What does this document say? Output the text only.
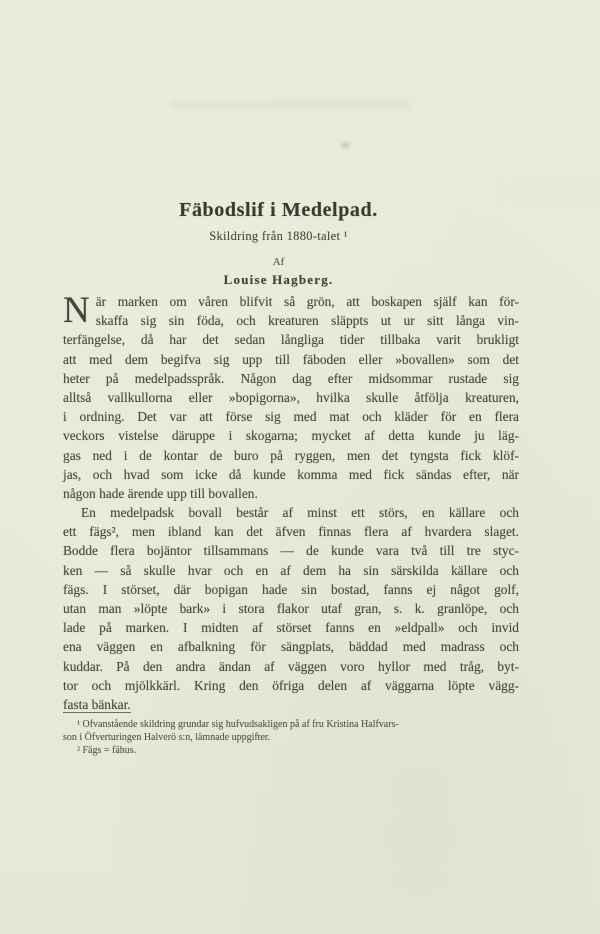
Fäbodslif i Medelpad.
Skildring från 1880-talet ¹
Af
Louise Hagberg.
N är marken om våren blifvit så grön, att boskapen själf kan för-
skaffa sig sin föda, och kreaturen släppts ut ur sitt långa vin-
terfängelse, då har det sedan långliga tider tillbaka varit brukligt
att med dem begifva sig upp till fäboden eller »bovallen» som det
heter på medelpadsspråk. Någon dag efter midsommar rustade sig
alltså vallkullorna eller »bopigorna», hvilka skulle åtfölja kreaturen,
i ordning. Det var att förse sig med mat och kläder för en flera
veckors vistelse däruppe i skogarna; mycket af detta kunde ju läg-
gas ned i de kontar de buro på ryggen, men det tyngsta fick klöf-
jas, och hvad som icke då kunde komma med fick sändas efter, när
någon hade ärende upp till bovallen.
En medelpadsk bovall består af minst ett störs, en källare och
ett fägs², men ibland kan det äfven finnas flera af hvardera slaget.
Bodde flera bojäntor tillsammans — de kunde vara två till tre styc-
ken — så skulle hvar och en af dem ha sin särskilda källare och
fägs. I störset, där bopigan hade sin bostad, fanns ej något golf,
utan man »löpte bark» i stora flakor utaf gran, s. k. granlöpe, och
lade på marken. I midten af störset fanns en »eldpall» och invid
ena väggen en afbalkning för sängplats, bäddad med madrass och
kuddar. På den andra ändan af väggen voro hyllor med tråg, byt-
tor och mjölkkärl. Kring den öfriga delen af väggarna löpte vägg-
fasta bänkar.
¹ Ofvanstående skildring grundar sig hufvudsakligen på af fru Kristina Halfvars-
son i Öfverturingen Halverö s:n, lämnade uppgifter.
² Fägs = fähus.
